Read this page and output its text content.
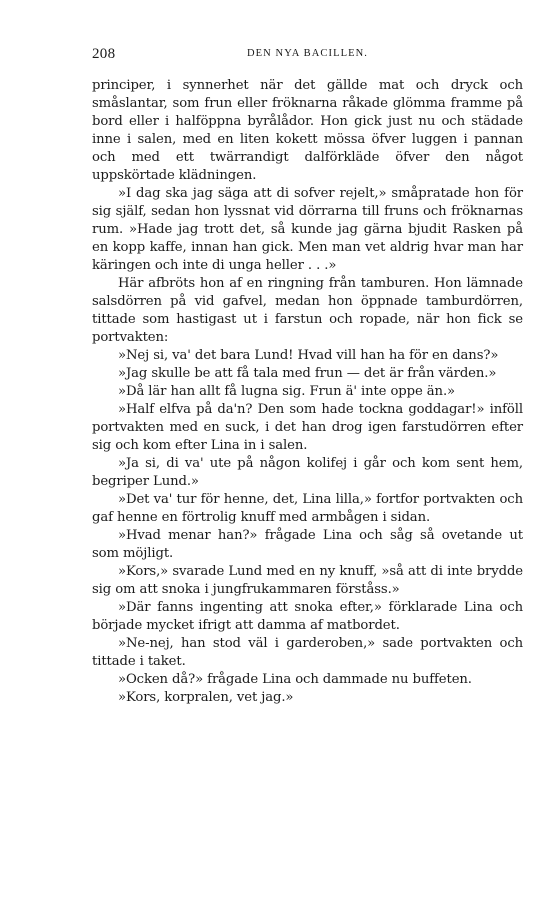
208	DEN NYA BACILLEN.

principer, i synnerhet när det gällde mat och dryck och småslantar, som frun eller fröknarna råkade glömma framme på bord eller i halföppna byrålådor. Hon gick just nu och städade inne i salen, med en liten kokett mössa öfver luggen i pannan och med ett twärrandigt dalförkläde öfver den något uppskörtade klädningen.

»I dag ska jag säga att di sofver rejelt,» småpratade hon för sig själf, sedan hon lyssnat vid dörrarna till fruns och fröknarnas rum. »Hade jag trott det, så kunde jag gärna bjudit Rasken på en kopp kaffe, innan han gick. Men man vet aldrig hvar man har käringen och inte di unga heller . . .»

Här afbröts hon af en ringning från tamburen. Hon lämnade salsdörren på vid gafvel, medan hon öppnade tamburdörren, tittade som hastigast ut i farstun och ropade, när hon fick se portvakten:

»Nej si, va' det bara Lund! Hvad vill han ha för en dans?»

»Jag skulle be att få tala med frun — det är från värden.»

»Då lär han allt få lugna sig. Frun ä' inte oppe än.»

»Half elfva på da'n? Den som hade tockna goddagar!» inföll portvakten med en suck, i det han drog igen farstudörren efter sig och kom efter Lina in i salen.

»Ja si, di va' ute på någon kolifej i går och kom sent hem, begriper Lund.»

»Det va' tur för henne, det, Lina lilla,» fortfor portvakten och gaf henne en förtrolig knuff med armbågen i sidan.

»Hvad menar han?» frågade Lina och såg så ovetande ut som möjligt.

»Kors,» svarade Lund med en ny knuff, »så att di inte brydde sig om att snoka i jungfrukammaren förståss.»

»Där fanns ingenting att snoka efter,» förklarade Lina och började mycket ifrigt att damma af matbordet.

»Ne-nej, han stod väl i garderoben,» sade portvakten och tittade i taket.

»Ocken då?» frågade Lina och dammade nu buffeten.

»Kors, korpralen, vet jag.»
